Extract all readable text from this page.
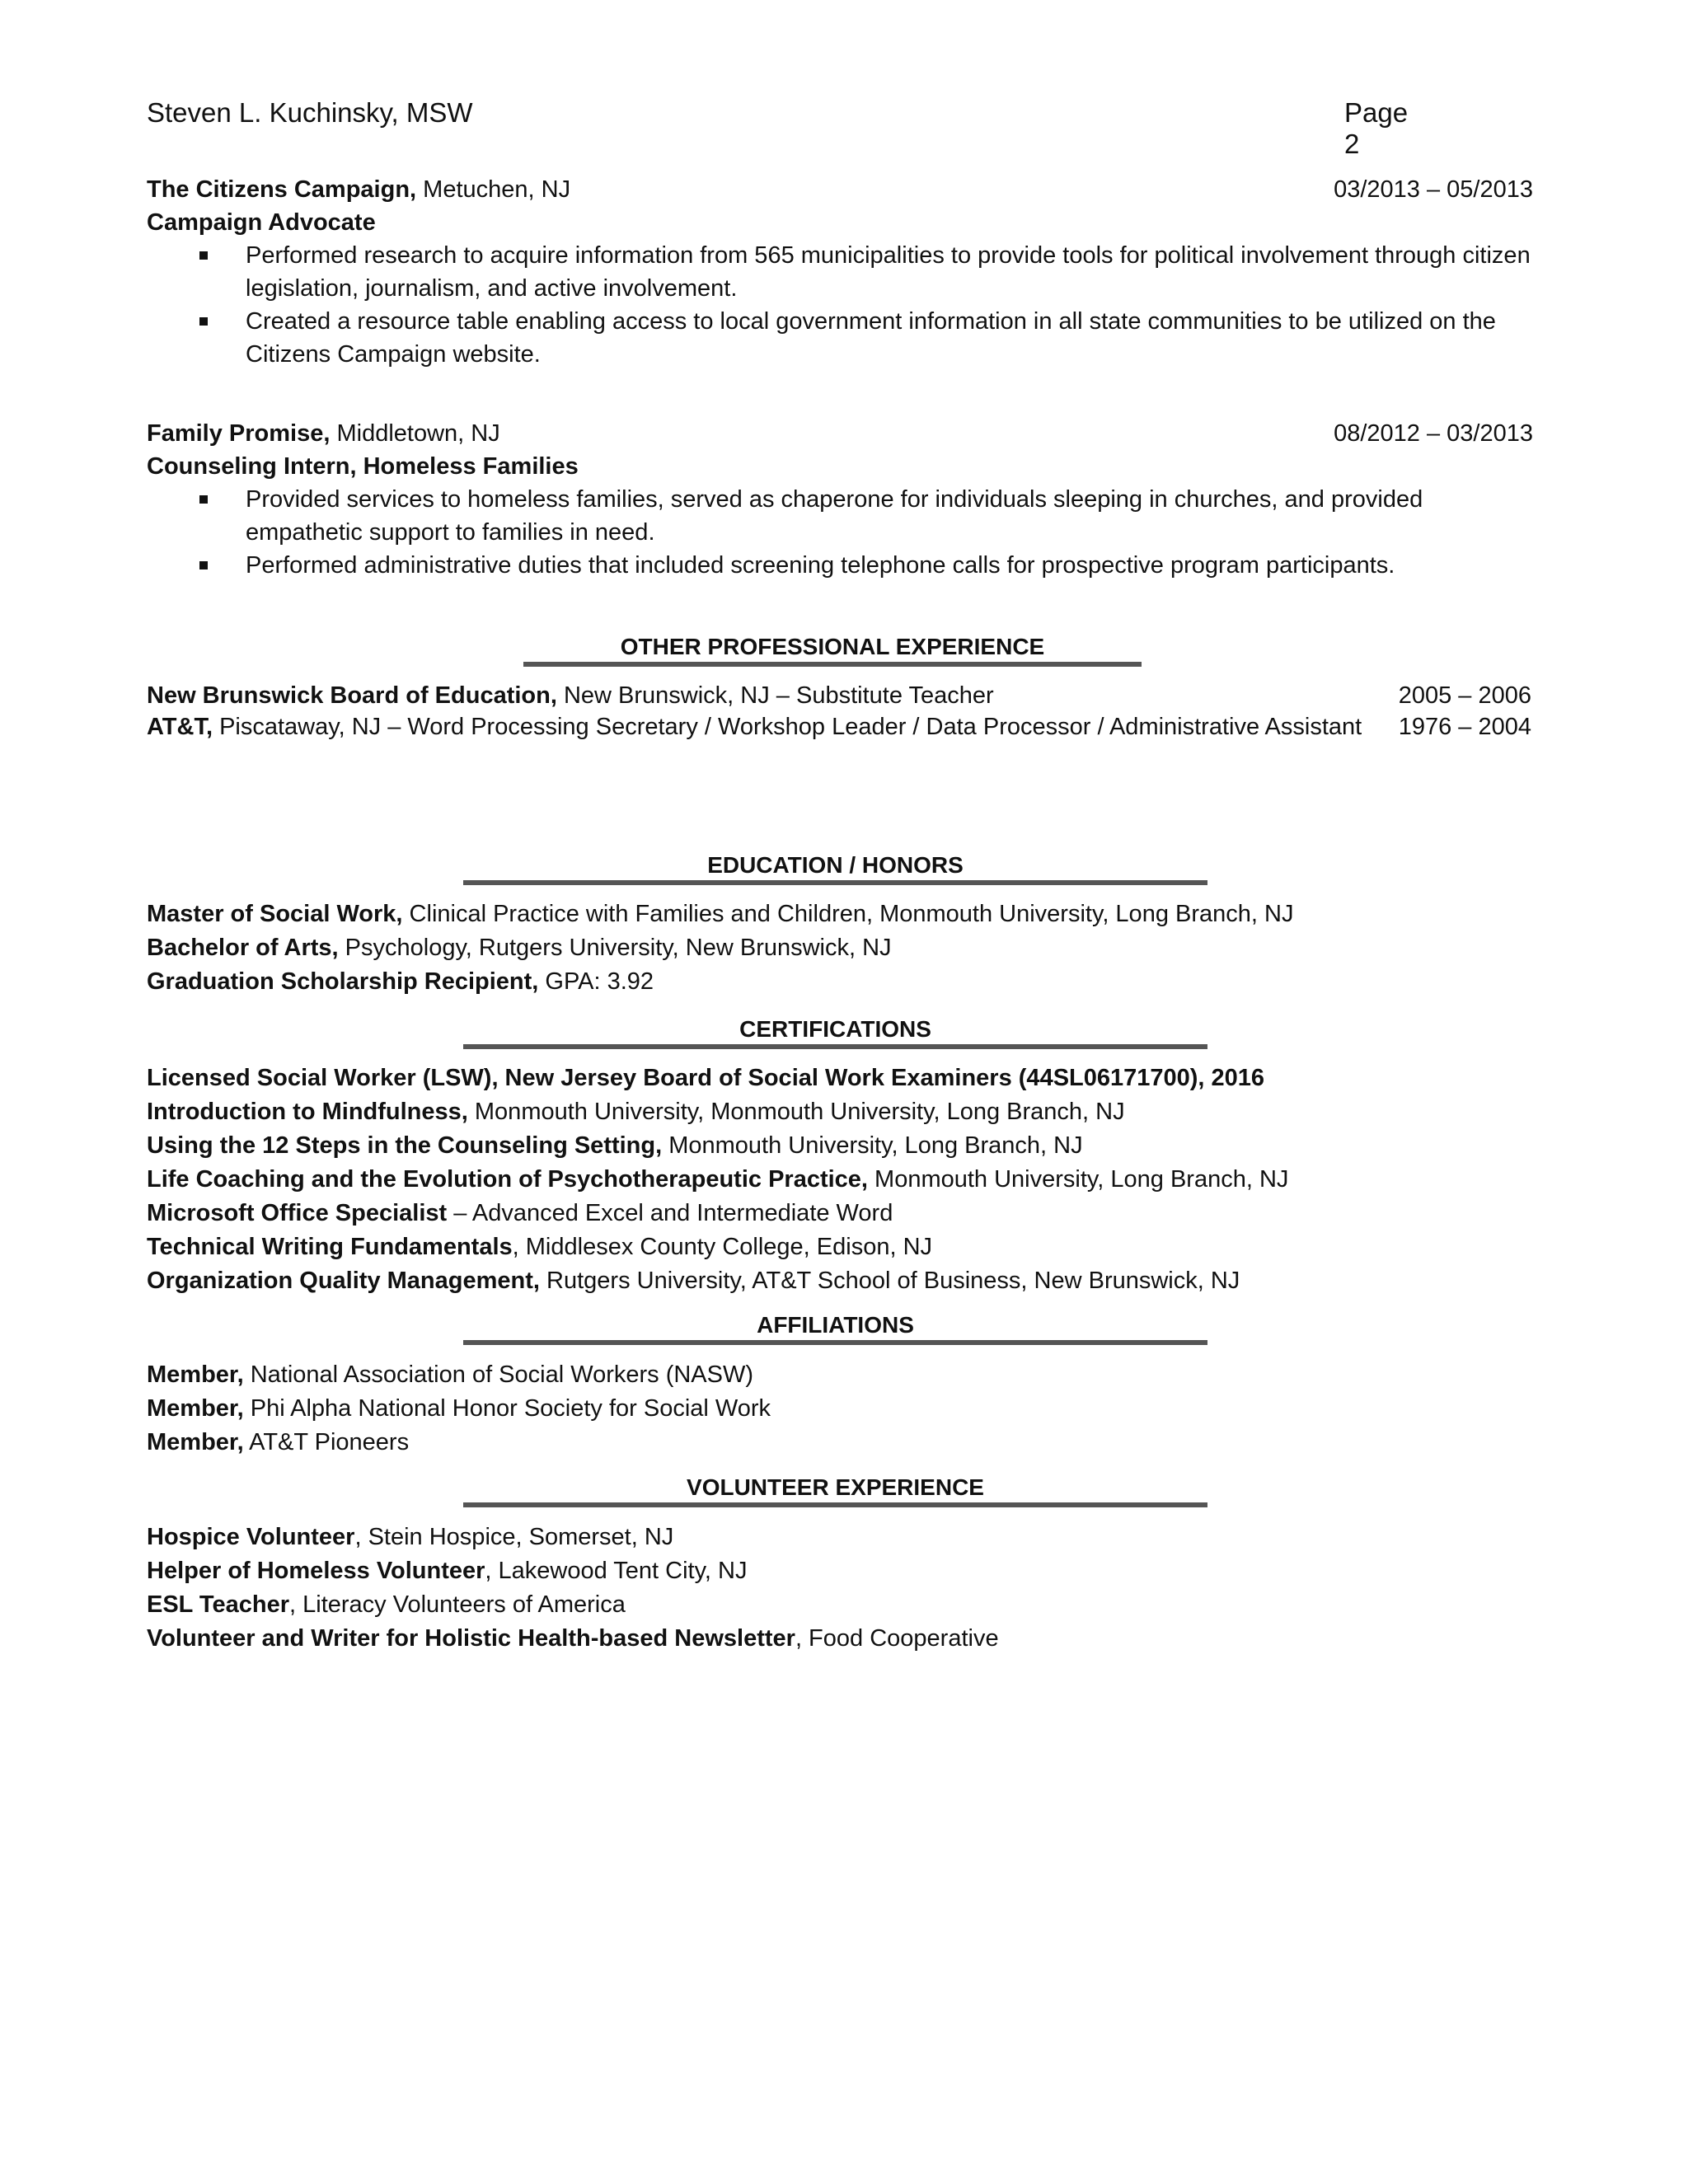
Steven L. Kuchinsky, MSW	Page 2
The Citizens Campaign, Metuchen, NJ	03/2013 – 05/2013
Campaign Advocate
Performed research to acquire information from 565 municipalities to provide tools for political involvement through citizen legislation, journalism, and active involvement.
Created a resource table enabling access to local government information in all state communities to be utilized on the Citizens Campaign website.
Family Promise, Middletown, NJ	08/2012 – 03/2013
Counseling Intern, Homeless Families
Provided services to homeless families, served as chaperone for individuals sleeping in churches, and provided empathetic support to families in need.
Performed administrative duties that included screening telephone calls for prospective program participants.
OTHER PROFESSIONAL EXPERIENCE
New Brunswick Board of Education, New Brunswick, NJ – Substitute Teacher	2005 – 2006
AT&T, Piscataway, NJ – Word Processing Secretary / Workshop Leader / Data Processor / Administrative Assistant 1976 – 2004
EDUCATION / HONORS
Master of Social Work, Clinical Practice with Families and Children, Monmouth University, Long Branch, NJ
Bachelor of Arts, Psychology, Rutgers University, New Brunswick, NJ
Graduation Scholarship Recipient, GPA: 3.92
CERTIFICATIONS
Licensed Social Worker (LSW), New Jersey Board of Social Work Examiners (44SL06171700), 2016
Introduction to Mindfulness, Monmouth University, Monmouth University, Long Branch, NJ
Using the 12 Steps in the Counseling Setting, Monmouth University, Long Branch, NJ
Life Coaching and the Evolution of Psychotherapeutic Practice, Monmouth University, Long Branch, NJ
Microsoft Office Specialist – Advanced Excel and Intermediate Word
Technical Writing Fundamentals, Middlesex County College, Edison, NJ
Organization Quality Management, Rutgers University, AT&T School of Business, New Brunswick, NJ
AFFILIATIONS
Member, National Association of Social Workers (NASW)
Member, Phi Alpha National Honor Society for Social Work
Member, AT&T Pioneers
VOLUNTEER EXPERIENCE
Hospice Volunteer, Stein Hospice, Somerset, NJ
Helper of Homeless Volunteer, Lakewood Tent City, NJ
ESL Teacher, Literacy Volunteers of America
Volunteer and Writer for Holistic Health-based Newsletter, Food Cooperative
